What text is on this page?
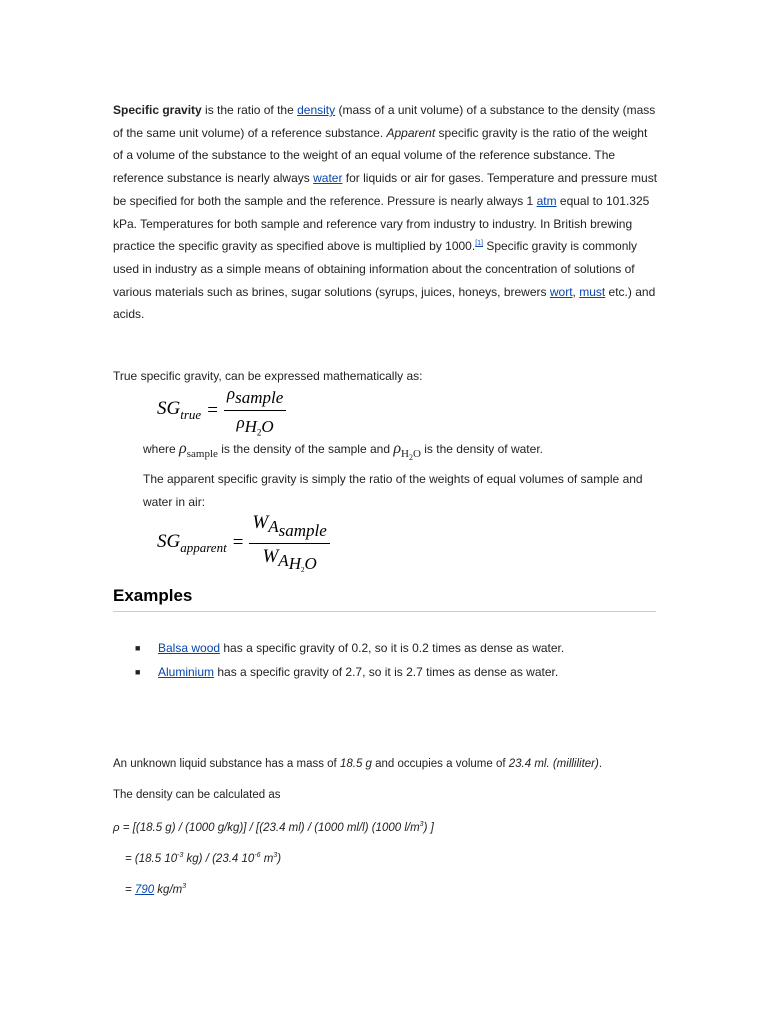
Specific gravity is the ratio of the density (mass of a unit volume) of a substance to the density (mass of the same unit volume) of a reference substance. Apparent specific gravity is the ratio of the weight of a volume of the substance to the weight of an equal volume of the reference substance. The reference substance is nearly always water for liquids or air for gases. Temperature and pressure must be specified for both the sample and the reference. Pressure is nearly always 1 atm equal to 101.325 kPa. Temperatures for both sample and reference vary from industry to industry. In British brewing practice the specific gravity as specified above is multiplied by 1000.[1] Specific gravity is commonly used in industry as a simple means of obtaining information about the concentration of solutions of various materials such as brines, sugar solutions (syrups, juices, honeys, brewers wort, must etc.) and acids.

True specific gravity, can be expressed mathematically as:

$SG_{true} = \frac{\rho_{sample}}{\rho_{H_2O}}$

where $\rho_{sample}$ is the density of the sample and $\rho_{H_2O}$ is the density of water.

The apparent specific gravity is simply the ratio of the weights of equal volumes of sample and water in air:

$SG_{apparent} = \frac{W_{A_{sample}}}{W_{A_{H_2O}}}$
Examples
■ Balsa wood has a specific gravity of 0.2, so it is 0.2 times as dense as water.
■ Aluminium has a specific gravity of 2.7, so it is 2.7 times as dense as water.

An unknown liquid substance has a mass of 18.5 g and occupies a volume of 23.4 ml. (milliliter).

The density can be calculated as

ρ = [(18.5 g) / (1000 g/kg)] / [(23.4 ml) / (1000 ml/l) (1000 $l/m^3$) ]

= (18.5 $10^{-3}$ kg) / (23.4 $10^{-6}$ $m^3$)

= 790 $kg/m^3$
